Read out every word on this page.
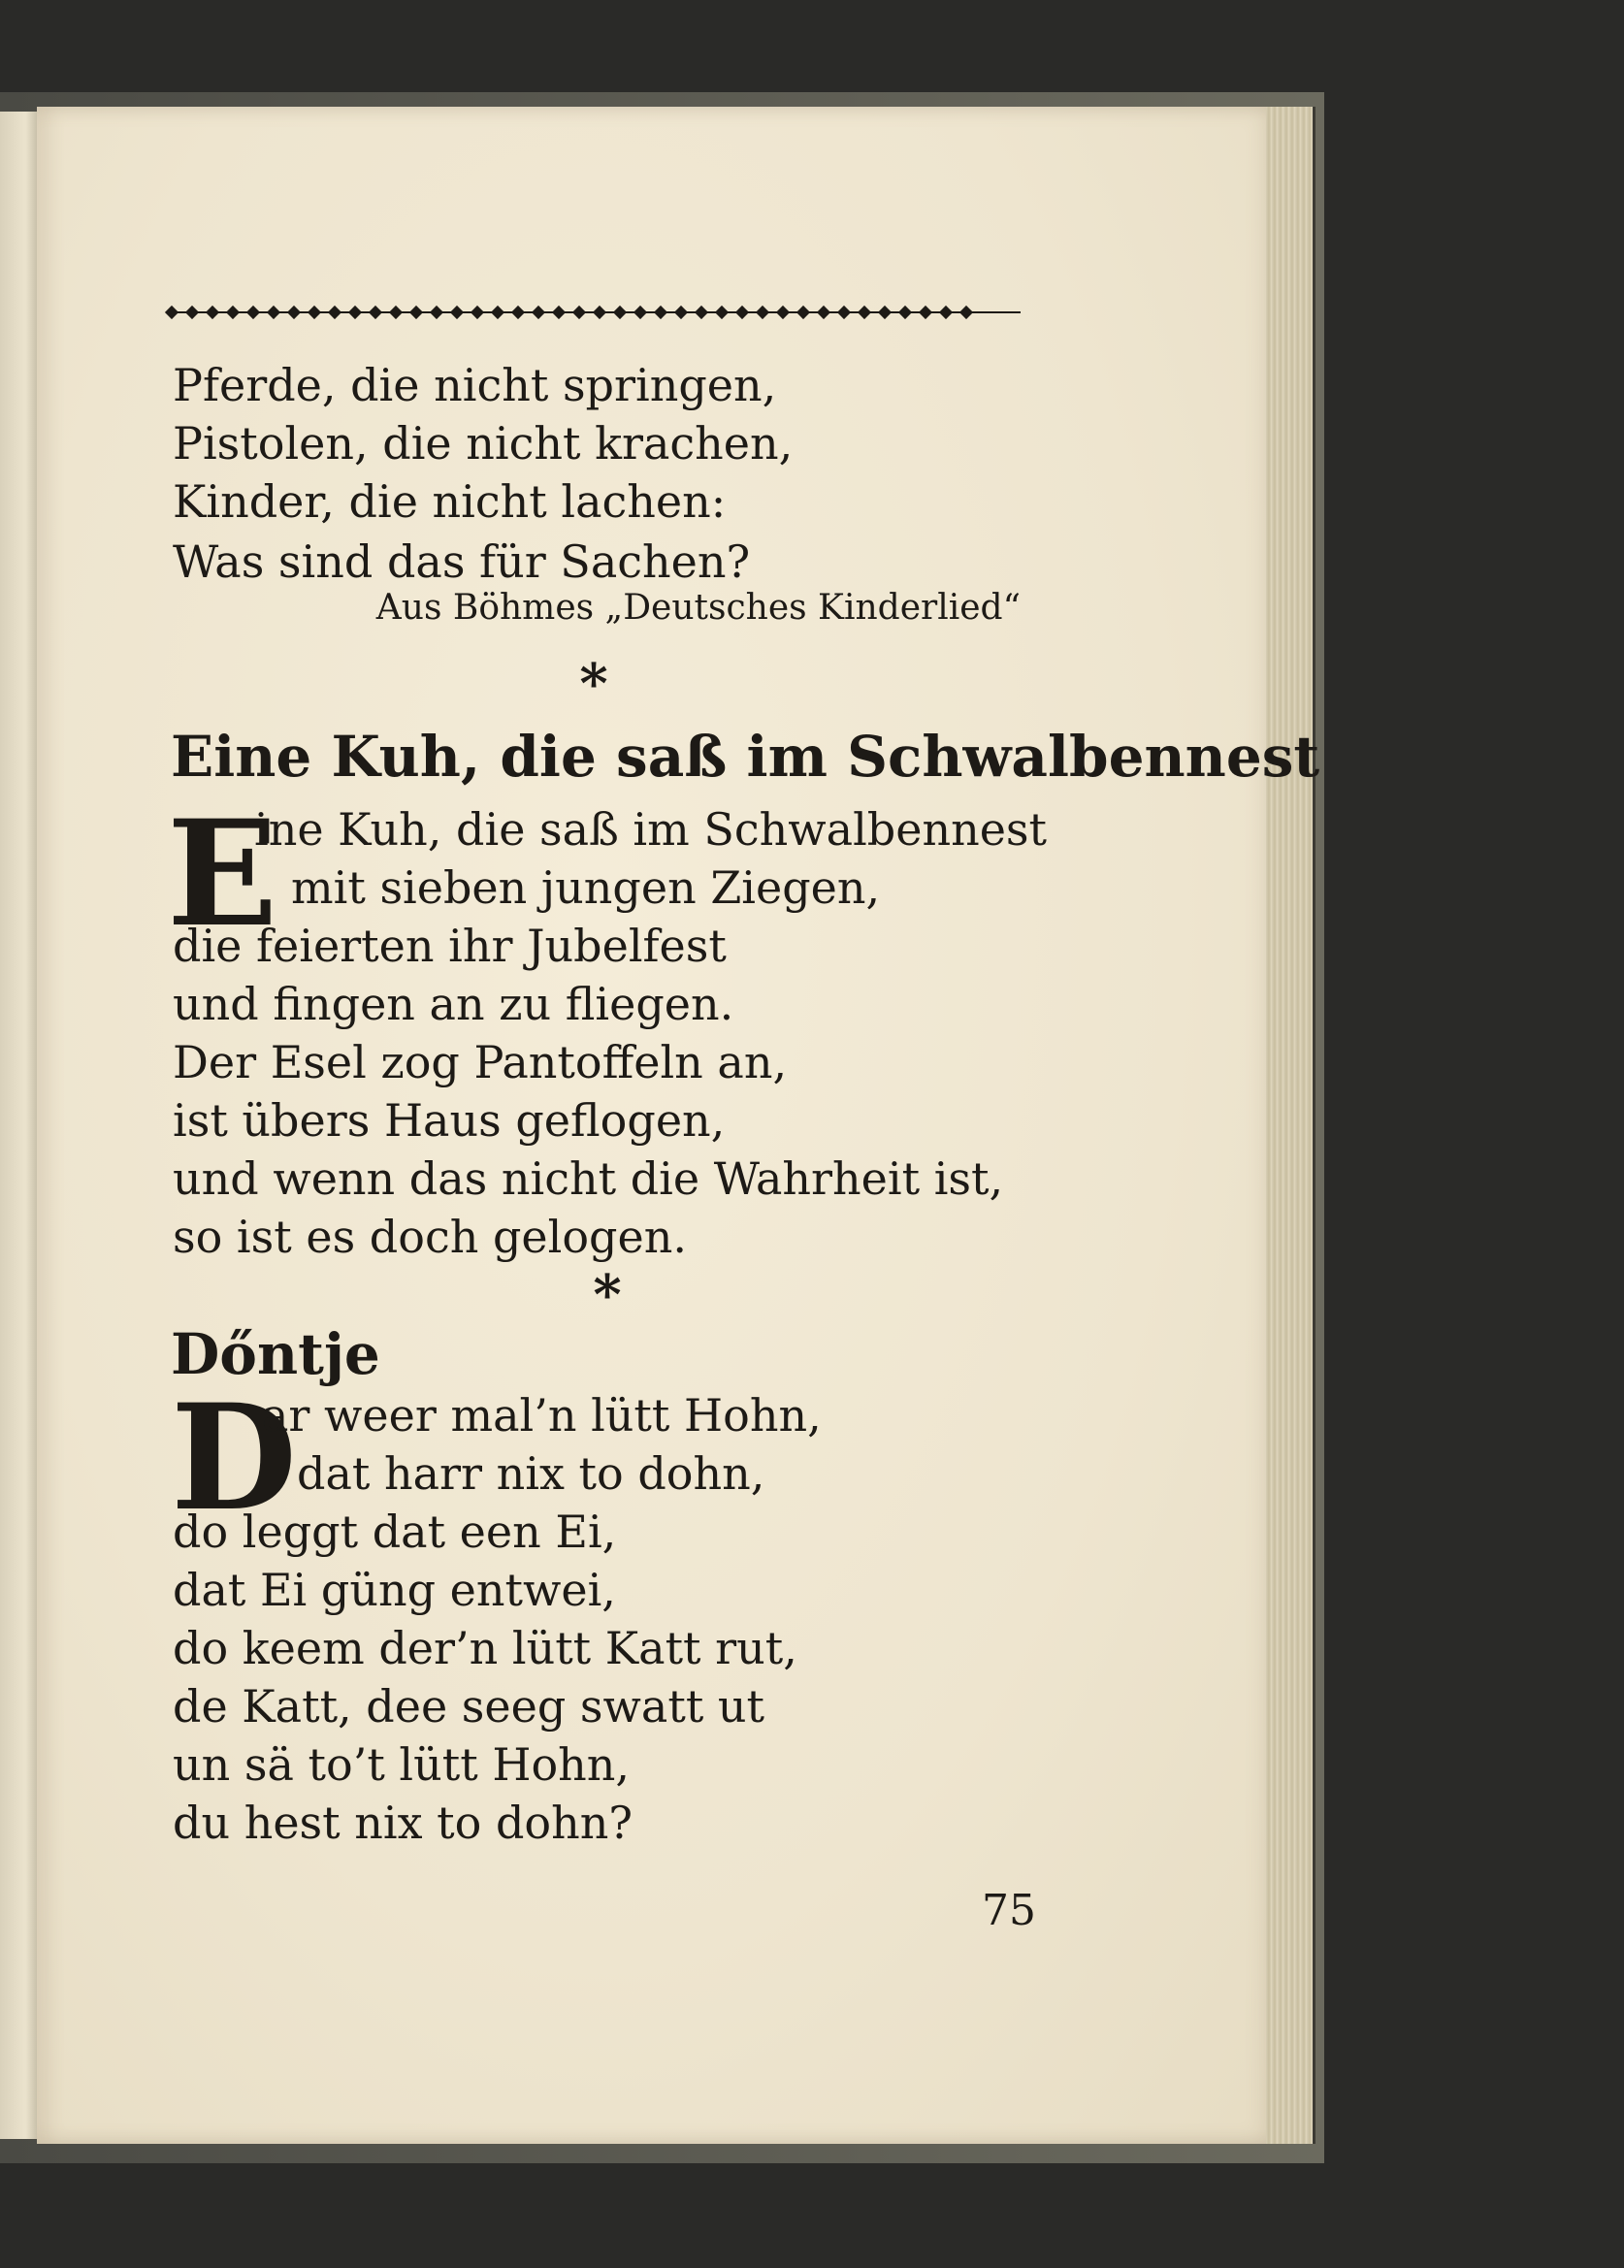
Pferde, die nicht springen,
Pistolen, die nicht krachen,
Kinder, die nicht lachen:
Was sind das für Sachen?
Aus Böhmes „Deutsches Kinderlied“
*
Eine Kuh, die saß im Schwalbennest
E
ine Kuh, die saß im Schwalbennest
mit sieben jungen Ziegen,
die feierten ihr Jubelfest
und fingen an zu fliegen.
Der Esel zog Pantoffeln an,
ist übers Haus geflogen,
und wenn das nicht die Wahrheit ist,
so ist es doch gelogen.
*
Dőntje
D
ar weer mal’n lütt Hohn,
dat harr nix to dohn,
do leggt dat een Ei,
dat Ei güng entwei,
do keem der’n lütt Katt rut,
de Katt, dee seeg swatt ut
un sä to’t lütt Hohn,
du hest nix to dohn?
75
